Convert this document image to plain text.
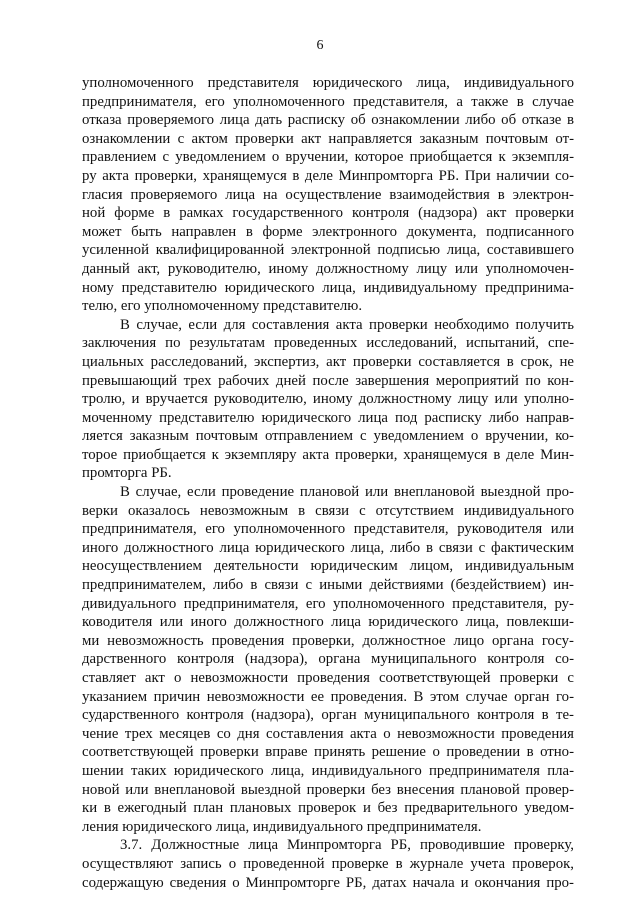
6
уполномоченного представителя юридического лица, индивидуального
предпринимателя, его уполномоченного представителя, а также в случае
отказа проверяемого лица дать расписку об ознакомлении либо об отказе в
ознакомлении с актом проверки акт направляется заказным почтовым от-
правлением с уведомлением о вручении, которое приобщается к экземпля-
ру акта проверки, хранящемуся в деле Минпромторга РБ. При наличии со-
гласия проверяемого лица на осуществление взаимодействия в электрон-
ной форме в рамках государственного контроля (надзора) акт проверки
может быть направлен в форме электронного документа, подписанного
усиленной квалифицированной электронной подписью лица, составившего
данный акт, руководителю, иному должностному лицу или уполномочен-
ному представителю юридического лица, индивидуальному предпринима-
телю, его уполномоченному представителю.
В случае, если для составления акта проверки необходимо получить
заключения по результатам проведенных исследований, испытаний, спе-
циальных расследований, экспертиз, акт проверки составляется в срок, не
превышающий трех рабочих дней после завершения мероприятий по кон-
тролю, и вручается руководителю, иному должностному лицу или уполно-
моченному представителю юридического лица под расписку либо направ-
ляется заказным почтовым отправлением с уведомлением о вручении, ко-
торое приобщается к экземпляру акта проверки, хранящемуся в деле Мин-
промторга РБ.
В случае, если проведение плановой или внеплановой выездной про-
верки оказалось невозможным в связи с отсутствием индивидуального
предпринимателя, его уполномоченного представителя, руководителя или
иного должностного лица юридического лица, либо в связи с фактическим
неосуществлением деятельности юридическим лицом, индивидуальным
предпринимателем, либо в связи с иными действиями (бездействием) ин-
дивидуального предпринимателя, его уполномоченного представителя, ру-
ководителя или иного должностного лица юридического лица, повлекши-
ми невозможность проведения проверки, должностное лицо органа госу-
дарственного контроля (надзора), органа муниципального контроля со-
ставляет акт о невозможности проведения соответствующей проверки с
указанием причин невозможности ее проведения. В этом случае орган го-
сударственного контроля (надзора), орган муниципального контроля в те-
чение трех месяцев со дня составления акта о невозможности проведения
соответствующей проверки вправе принять решение о проведении в отно-
шении таких юридического лица, индивидуального предпринимателя пла-
новой или внеплановой выездной проверки без внесения плановой провер-
ки в ежегодный план плановых проверок и без предварительного уведом-
ления юридического лица, индивидуального предпринимателя.
3.7. Должностные лица Минпромторга РБ, проводившие проверку,
осуществляют запись о проведенной проверке в журнале учета проверок,
содержащую сведения о Минпромторге РБ, датах начала и окончания про-
